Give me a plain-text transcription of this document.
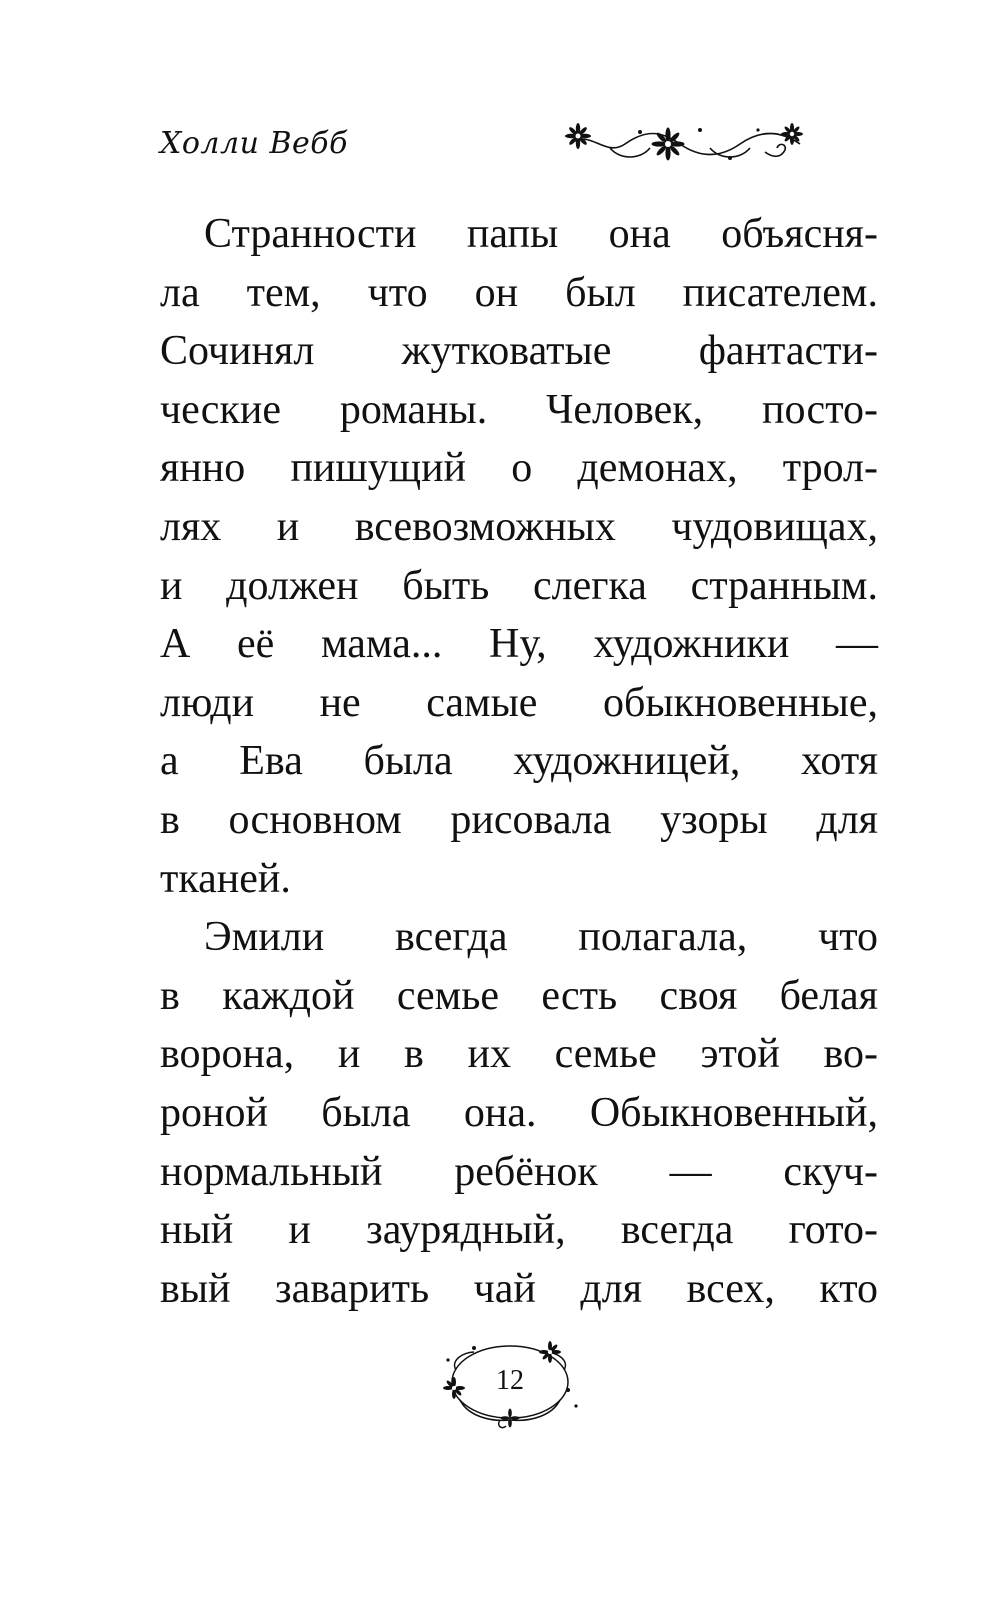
Холли Вебб
Странности папы она объясня-
ла тем, что он был писателем.
Сочинял жутковатые фантасти-
ческие романы. Человек, посто-
янно пишущий о демонах, трол-
лях и всевозможных чудовищах,
и должен быть слегка странным.
А её мама... Ну, художники —
люди не самые обыкновенные,
а Ева была художницей, хотя
в основном рисовала узоры для
тканей.
Эмили всегда полагала, что
в каждой семье есть своя белая
ворона, и в их семье этой во-
роной была она. Обыкновенный,
нормальный ребёнок — скуч-
ный и заурядный, всегда гото-
вый заварить чай для всех, кто
12
